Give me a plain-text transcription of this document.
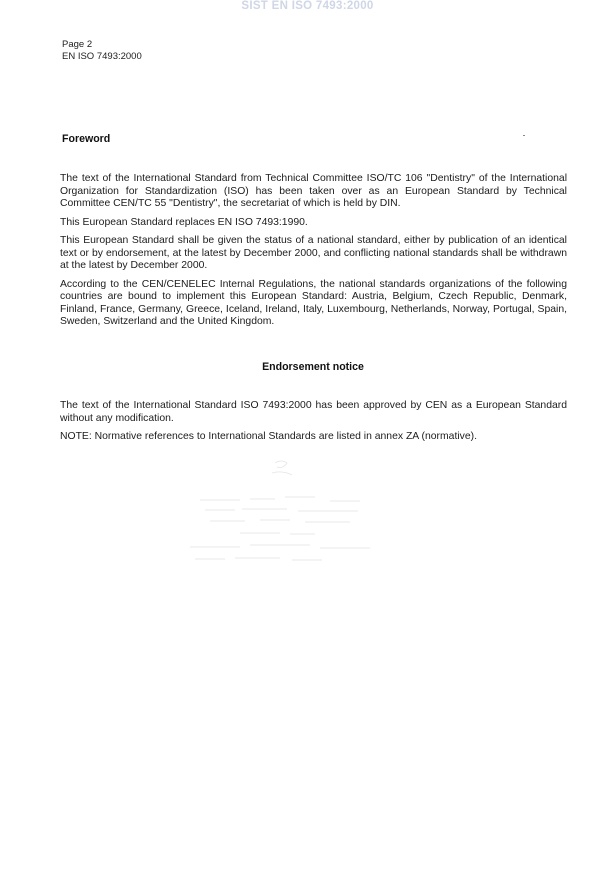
SIST EN ISO 7493:2000
Page 2
EN ISO 7493:2000
Foreword

The text of the International Standard from Technical Committee ISO/TC 106 "Dentistry" of the International Organization for Standardization (ISO) has been taken over as an European Standard by Technical Committee CEN/TC 55 "Dentistry", the secretariat of which is held by DIN.

This European Standard replaces EN ISO 7493:1990.

This European Standard shall be given the status of a national standard, either by publication of an identical text or by endorsement, at the latest by December 2000, and conflicting national standards shall be withdrawn at the latest by December 2000.

According to the CEN/CENELEC Internal Regulations, the national standards organizations of the following countries are bound to implement this European Standard: Austria, Belgium, Czech Republic, Denmark, Finland, France, Germany, Greece, Iceland, Ireland, Italy, Luxembourg, Netherlands, Norway, Portugal, Spain, Sweden, Switzerland and the United Kingdom.

Endorsement notice

The text of the International Standard ISO 7493:2000 has been approved by CEN as a European Standard without any modification.

NOTE: Normative references to International Standards are listed in annex ZA (normative).
